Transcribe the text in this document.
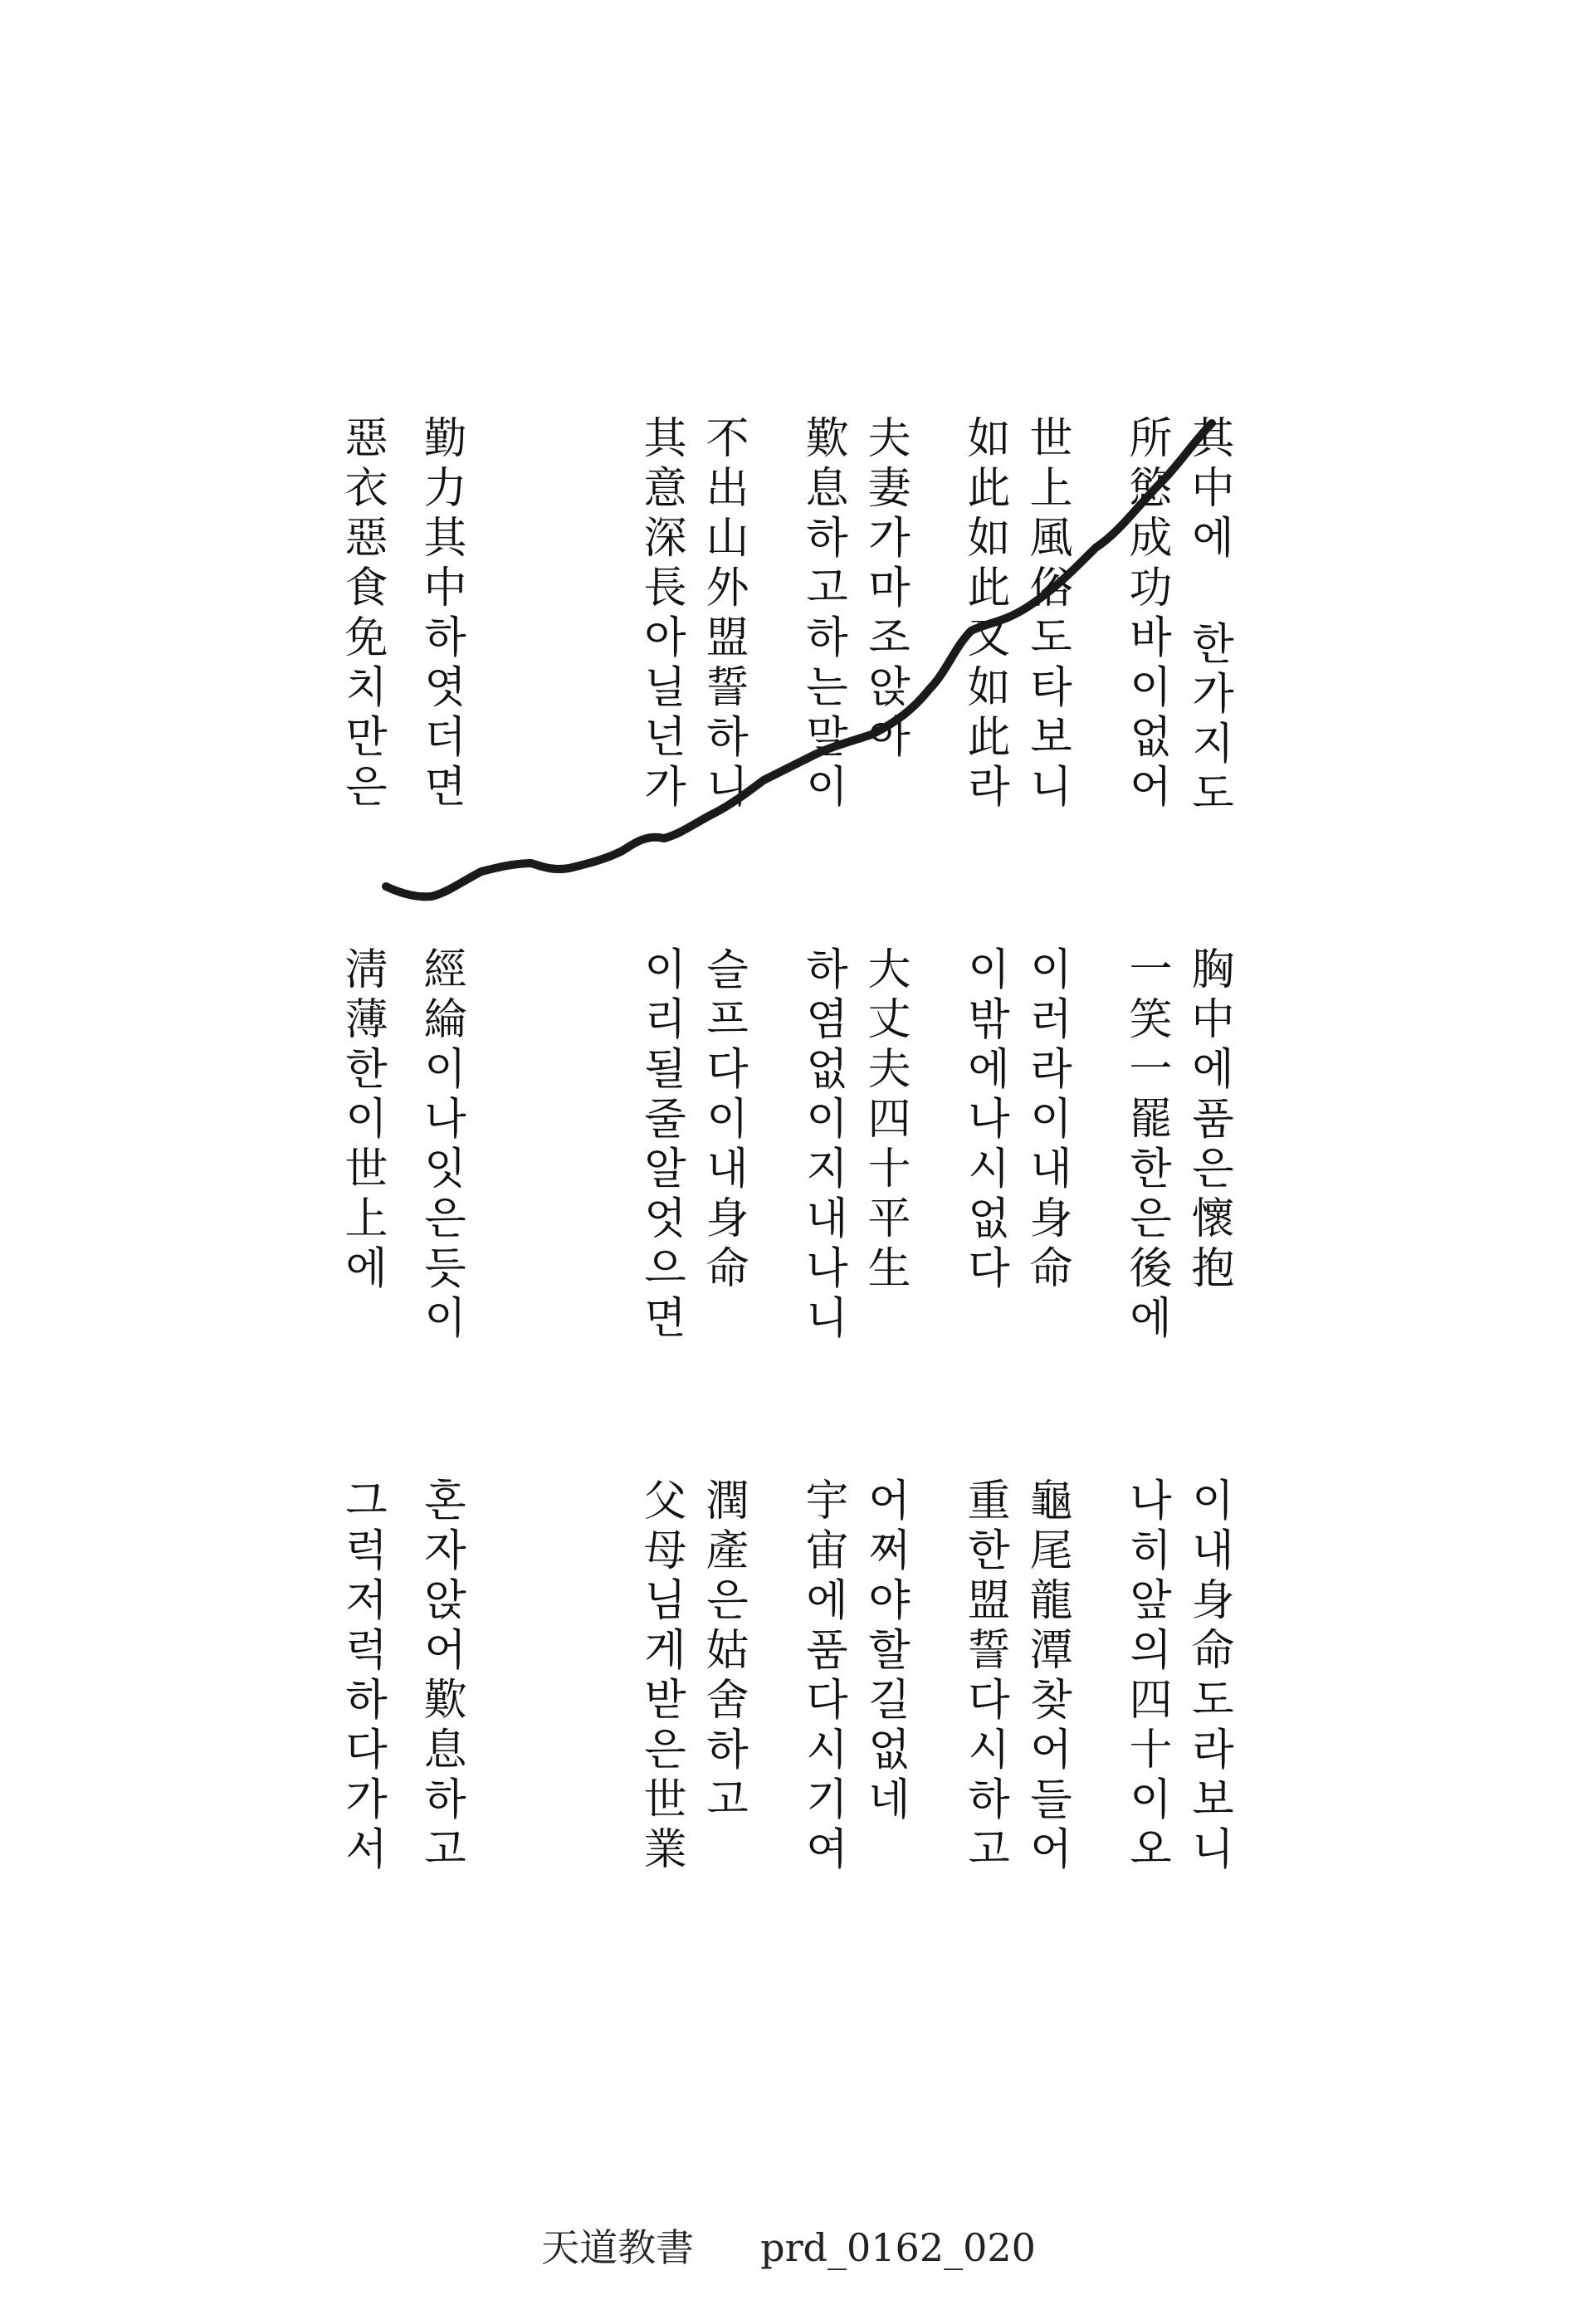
其中에 한가지도
所慾成功바이없어
世上風俗도타보니
如此如此又如此라
夫妻가마조앉아
歎息하고하는말이
不出山外盟誓하니
其意深長아닐넌가
勤力其中하엿더면
惡衣惡食免치만은
胸中에품은懷抱
一笑一罷한은後에
이러라이내身命
이밖에나시없다
大丈夫四十平生
하염없이지내나니
슬프다이내身命
이리될줄알엇으면
經綸이나잇은듯이
淸薄한이世上에
이내身命도라보니
나히앞의四十이오
龜尾龍潭찾어들어
重한盟誓다시하고
어쩌야할길없네
宇宙에품다시기여
潤產은姑舍하고
父母님게받은世業
혼자앉어歎息하고
그럭저럭하다가서
天道教書 prd_0162_020
